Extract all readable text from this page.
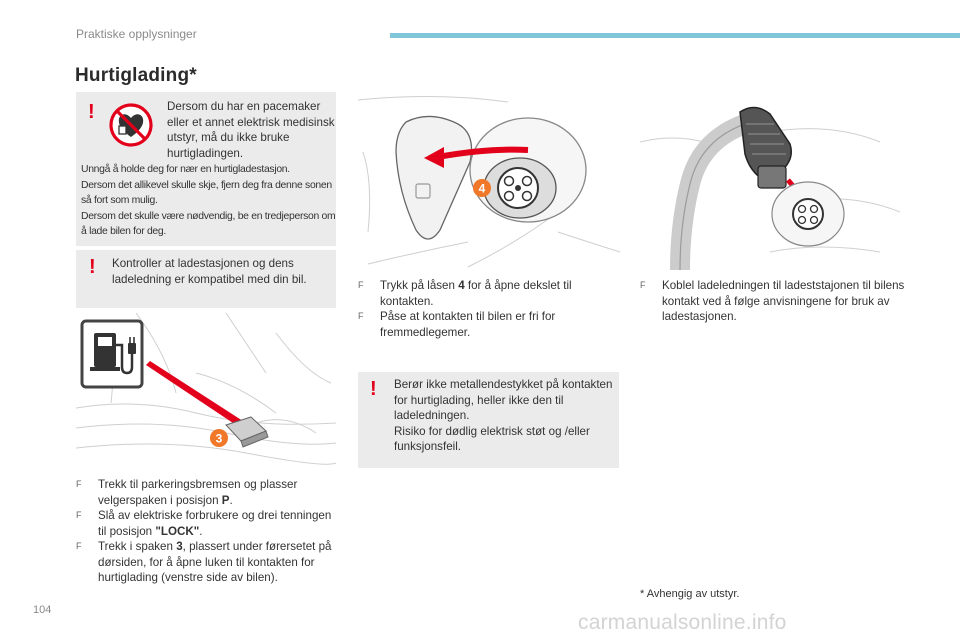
Praktiske opplysninger
Hurtiglading*
!	Dersom du har en pacemaker eller et annet elektrisk medisinsk utstyr, må du ikke bruke hurtigladingen.
Unngå å holde deg for nær en hurtigladestasjon.
Dersom det allikevel skulle skje, fjern deg fra denne sonen så fort som mulig.
Dersom det skulle være nødvendig, be en tredjeperson om å lade bilen for deg.
! Kontroller at ladestasjonen og dens ladeledning er kompatibel med din bil.
3
4
F Trekk til parkeringsbremsen og plasser velgerspaken i posisjon P.
F Slå av elektriske forbrukere og drei tenningen til posisjon "LOCK".
F Trekk i spaken 3, plassert under førersetet på dørsiden, for å åpne luken til kontakten for hurtiglading (venstre side av bilen).
F Trykk på låsen 4 for å åpne dekslet til kontakten.
F Påse at kontakten til bilen er fri for fremmedlegemer.
! Berør ikke metallendestykket på kontakten for hurtiglading, heller ikke den til ladeledningen.
Risiko for dødlig elektrisk støt og /eller funksjonsfeil.
F Koblel ladeledningen til ladeststajonen til bilens kontakt ved å følge anvisningene for bruk av ladestasjonen.
* Avhengig av utstyr.
104
carmanualsonline.info
